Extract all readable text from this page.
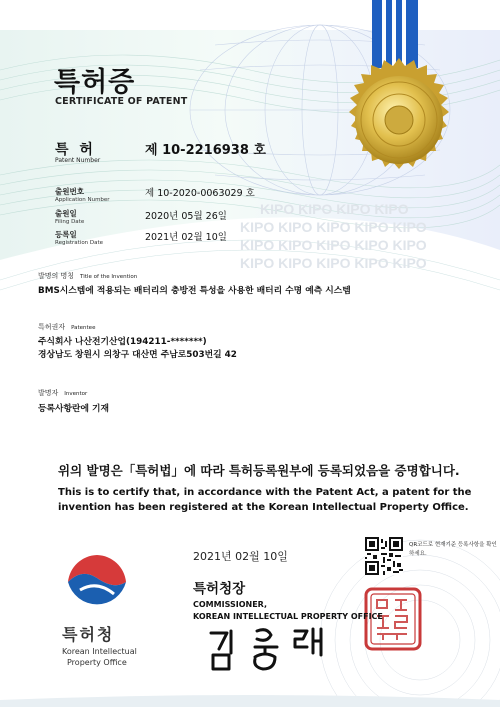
KIPO KIPO KIPO KIPO
KIPO KIPO KIPO KIPO KIPO
KIPO KIPO KIPO KIPO KIPO
KIPO KIPO KIPO KIPO KIPO
특허증
CERTIFICATE OF PATENT
특 허
Patent Number
제 10-2216938 호
출원번호
Application Number
제 10-2020-0063029 호
출원일
Filing Date	2020년 05월 26일
등록일
Registration Date	2021년 02월 10일
발명의 명칭 Title of the Invention
BMS시스템에 적용되는 배터리의 충방전 특성을 사용한 배터리 수명 예측 시스템
특허권자 Patentee
주식회사 나산전기산업(194211-*******)
경상남도 창원시 의창구 대산면 주남로503번길 42
발명자 Inventor
등록사항란에 기재
위의 발명은「특허법」에 따라 특허등록원부에 등록되었음을 증명합니다.
This is to certify that, in accordance with the Patent Act, a patent for the
invention has been registered at the Korean Intellectual Property Office.
2021년 02월 10일
QR코드로 현재기준 등록사항을 확인하세요.
특허청장
COMMISSIONER,
KOREAN INTELLECTUAL PROPERTY OFFICE
특허청
Korean Intellectual
Property Office
